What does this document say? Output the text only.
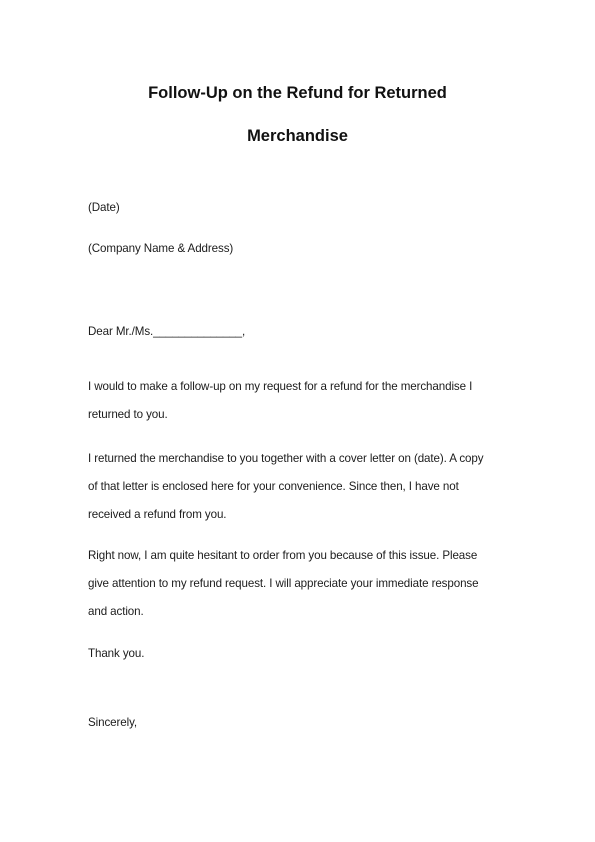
Follow-Up on the Refund for Returned
Merchandise
(Date)
(Company Name & Address)
Dear Mr./Ms.______________,
I would to make a follow-up on my request for a refund for the merchandise I
returned to you.
I returned the merchandise to you together with a cover letter on (date). A copy
of that letter is enclosed here for your convenience. Since then, I have not
received a refund from you.
Right now, I am quite hesitant to order from you because of this issue. Please
give attention to my refund request. I will appreciate your immediate response
and action.
Thank you.
Sincerely,
